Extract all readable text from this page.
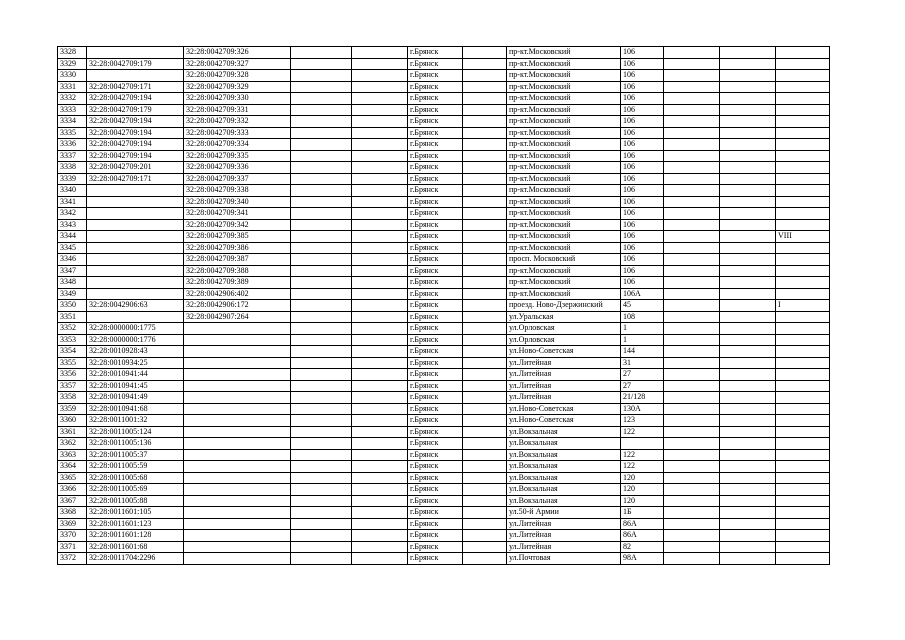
3328		32:28:0042709:326			г.Брянск		пр-кт.Московский	106			
3329	32:28:0042709:179	32:28:0042709:327			г.Брянск		пр-кт.Московский	106			
3330		32:28:0042709:328			г.Брянск		пр-кт.Московский	106			
3331	32:28:0042709:171	32:28:0042709:329			г.Брянск		пр-кт.Московский	106			
3332	32:28:0042709:194	32:28:0042709:330			г.Брянск		пр-кт.Московский	106			
3333	32:28:0042709:179	32:28:0042709:331			г.Брянск		пр-кт.Московский	106			
3334	32:28:0042709:194	32:28:0042709:332			г.Брянск		пр-кт.Московский	106			
3335	32:28:0042709:194	32:28:0042709:333			г.Брянск		пр-кт.Московский	106			
3336	32:28:0042709:194	32:28:0042709:334			г.Брянск		пр-кт.Московский	106			
3337	32:28:0042709:194	32:28:0042709:335			г.Брянск		пр-кт.Московский	106			
3338	32:28:0042709:201	32:28:0042709:336			г.Брянск		пр-кт.Московский	106			
3339	32:28:0042709:171	32:28:0042709:337			г.Брянск		пр-кт.Московский	106			
3340		32:28:0042709:338			г.Брянск		пр-кт.Московский	106			
3341		32:28:0042709:340			г.Брянск		пр-кт.Московский	106			
3342		32:28:0042709:341			г.Брянск		пр-кт.Московский	106			
3343		32:28:0042709:342			г.Брянск		пр-кт.Московский	106			
3344		32:28:0042709:385			г.Брянск		пр-кт.Московский	106			VIII
3345		32:28:0042709:386			г.Брянск		пр-кт.Московский	106			
3346		32:28:0042709:387			г.Брянск		просп. Московский	106			
3347		32:28:0042709:388			г.Брянск		пр-кт.Московский	106			
3348		32:28:0042709:389			г.Брянск		пр-кт.Московский	106			
3349		32:28:0042906:402			г.Брянск		пр-кт.Московский	106А			
3350	32:28:0042906:63	32:28:0042906:172			г.Брянск		проезд. Ново-Дзержинский	45			I
3351		32:28:0042907:264			г.Брянск		ул.Уральская	108			
3352	32:28:0000000:1775				г.Брянск		ул.Орловская	1			
3353	32:28:0000000:1776				г.Брянск		ул.Орловская	1			
3354	32:28:0010928:43				г.Брянск		ул.Ново-Советская	144			
3355	32:28:0010934:25				г.Брянск		ул.Литейная	31			
3356	32:28:0010941:44				г.Брянск		ул.Литейная	27			
3357	32:28:0010941:45				г.Брянск		ул.Литейная	27			
3358	32:28:0010941:49				г.Брянск		ул.Литейная	21/128			
3359	32:28:0010941:68				г.Брянск		ул.Ново-Советская	130А			
3360	32:28:0011001:32				г.Брянск		ул.Ново-Советская	123			
3361	32:28:0011005:124				г.Брянск		ул.Вокзальная	122			
3362	32:28:0011005:136				г.Брянск		ул.Вокзальная				
3363	32:28:0011005:37				г.Брянск		ул.Вокзальная	122			
3364	32:28:0011005:59				г.Брянск		ул.Вокзальная	122			
3365	32:28:0011005:68				г.Брянск		ул.Вокзальная	120			
3366	32:28:0011005:69				г.Брянск		ул.Вокзальная	120			
3367	32:28:0011005:88				г.Брянск		ул.Вокзальная	120			
3368	32:28:0011601:105				г.Брянск		ул.50-й Армии	1Б			
3369	32:28:0011601:123				г.Брянск		ул.Литейная	86А			
3370	32:28:0011601:128				г.Брянск		ул.Литейная	86А			
3371	32:28:0011601:68				г.Брянск		ул.Литейная	82			
3372	32:28:0011704:2296				г.Брянск		ул.Почтовая	98А			
